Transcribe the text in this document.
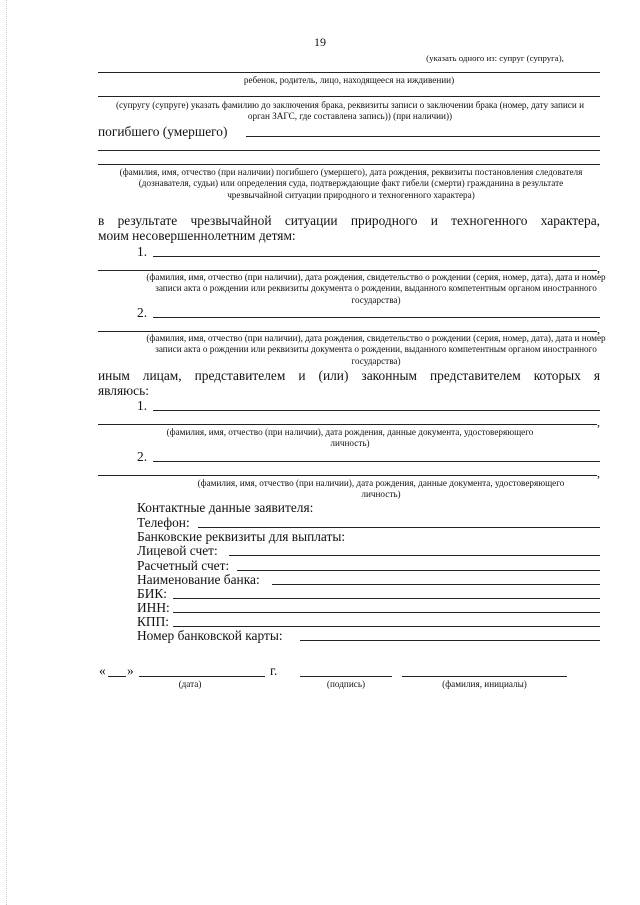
19
(указать одного из: супруг (супруга),
ребенок, родитель, лицо, находящееся на иждивении)
(супругу (супруге) указать фамилию до заключения брака, реквизиты записи о заключении брака (номер, дату записи и орган ЗАГС, где составлена запись)) (при наличии))
погибшего (умершего)
(фамилия, имя, отчество (при наличии) погибшего (умершего), дата рождения, реквизиты постановления следователя (дознавателя, судьи) или определения суда, подтверждающие факт гибели (смерти) гражданина в результате чрезвычайной ситуации природного и техногенного характера)
в результате чрезвычайной ситуации природного и техногенного характера,
моим несовершеннолетним детям:
1.
,
(фамилия, имя, отчество (при наличии), дата рождения, свидетельство о рождении (серия, номер, дата), дата и номер записи акта о рождении или реквизиты документа о рождении, выданного компетентным органом иностранного государства)
2.
,
(фамилия, имя, отчество (при наличии), дата рождения, свидетельство о рождении (серия, номер, дата), дата и номер записи акта о рождении или реквизиты документа о рождении, выданного компетентным органом иностранного государства)
иным лицам, представителем и (или) законным представителем которых я
являюсь:
1.
,
(фамилия, имя, отчество (при наличии), дата рождения, данные документа, удостоверяющего личность)
2.
,
(фамилия, имя, отчество (при наличии), дата рождения, данные документа, удостоверяющего личность)
Контактные данные заявителя:
Телефон:
Банковские реквизиты для выплаты:
Лицевой счет:
Расчетный счет:
Наименование банка:
БИК:
ИНН:
КПП:
Номер банковской карты:
« »	г.
(дата)	(подпись)	(фамилия, инициалы)
